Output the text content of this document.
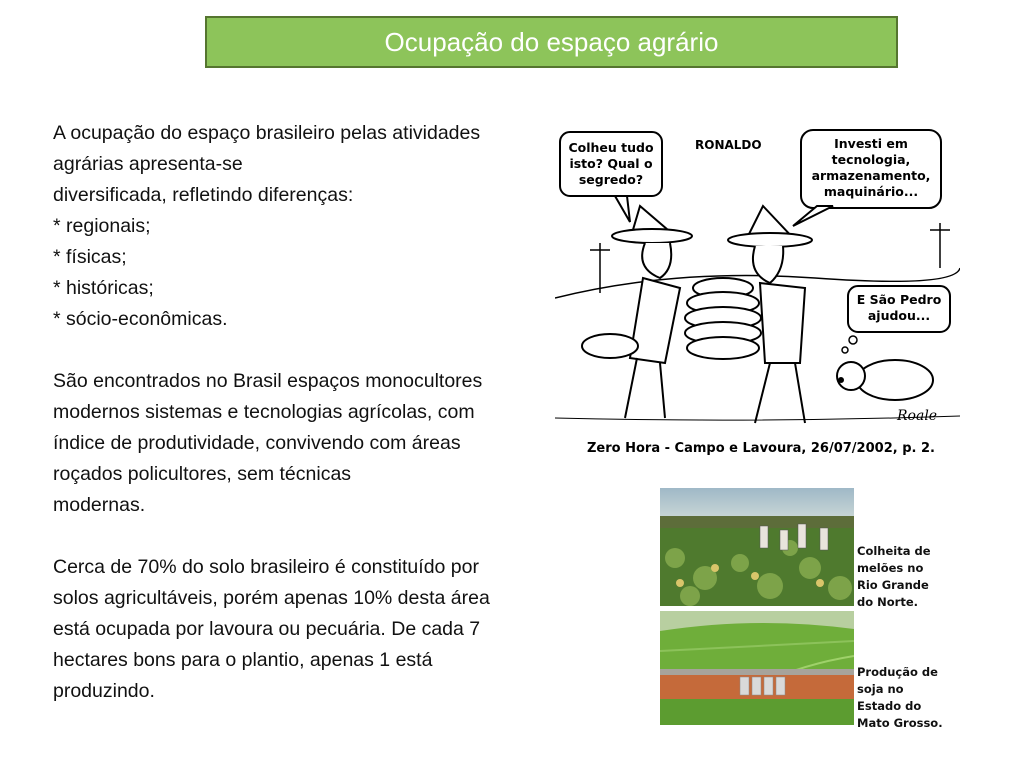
Ocupação do espaço agrário

A ocupação do espaço brasileiro pelas atividades

agrárias apresenta-se

diversificada, refletindo diferenças:

* regionais;

* físicas;

* históricas;

* sócio-econômicas.

São encontrados no Brasil espaços monocultores

modernos sistemas e tecnologias agrícolas, com

índice de produtividade, convivendo com áreas

roçados policultores, sem técnicas

modernas.

Cerca de 70% do solo brasileiro é constituído por

solos agricultáveis, porém apenas 10% desta área

está ocupada por lavoura ou pecuária. De cada 7

hectares bons para o plantio, apenas 1 está

produzindo.

Colheu tudo
isto? Qual o
segredo?
RONALDO	Investi em
tecnologia,
armazenamento,
maquinário...
E São Pedro
ajudou...
Roale
Zero Hora - Campo e Lavoura, 26/07/2002, p. 2.
Colheita de
melões no
Rio Grande
do Norte.
Produção de
soja no
Estado do
Mato Grosso.
